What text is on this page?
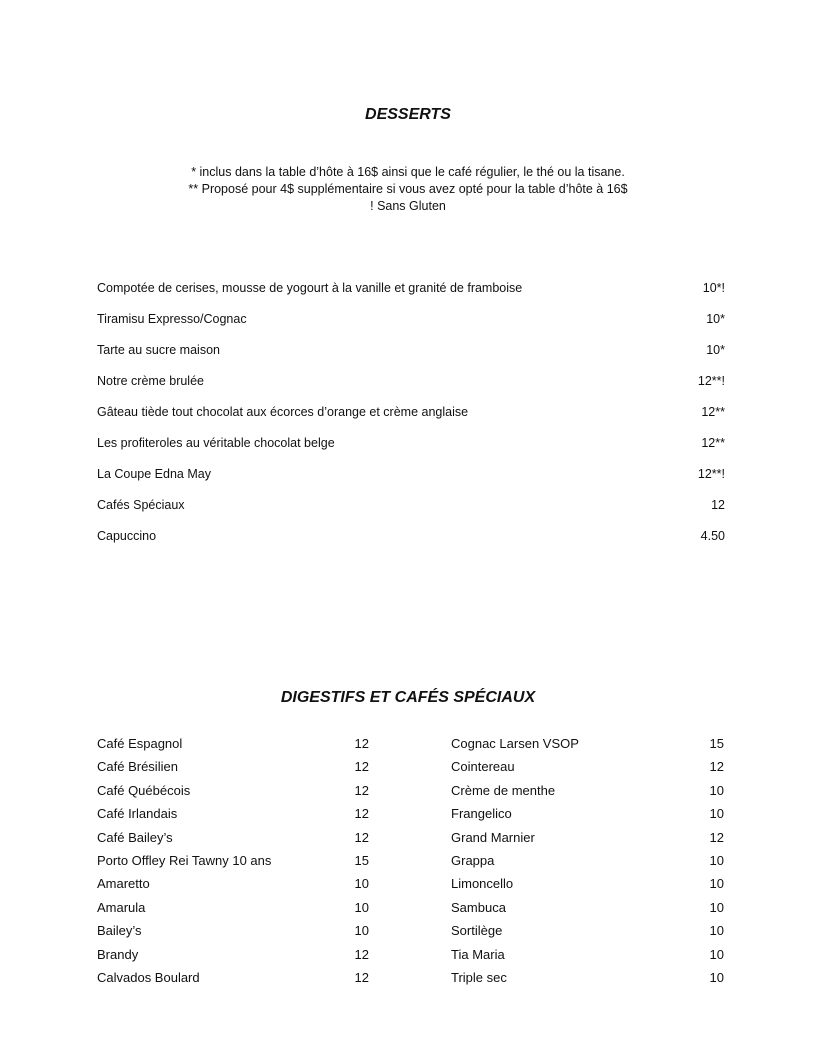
DESSERTS
* inclus dans la table d’hôte à 16$ ainsi que le café régulier, le thé ou la tisane.
** Proposé pour 4$ supplémentaire si vous avez opté pour la table d’hôte à 16$
! Sans Gluten
Compotée de cerises, mousse de yogourt à la vanille et granité de framboise	10*!
Tiramisu Expresso/Cognac	10*
Tarte au sucre maison	10*
Notre crème brulée	12**!
Gâteau tiède tout chocolat aux écorces d’orange et crème anglaise	12**
Les profiteroles au véritable chocolat belge	12**
La Coupe Edna May	12**!
Cafés Spéciaux	12
Capuccino	4.50
DIGESTIFS ET CAFÉS SPÉCIAUX
Café Espagnol	12
Café Brésilien	12
Café Québécois	12
Café Irlandais	12
Café Bailey’s	12
Porto Offley Rei Tawny 10 ans	15
Amaretto	10
Amarula	10
Bailey’s	10
Brandy	12
Calvados Boulard	12
Cognac Larsen VSOP	15
Cointereau	12
Crème de menthe	10
Frangelico	10
Grand Marnier	12
Grappa	10
Limoncello	10
Sambuca	10
Sortilège	10
Tia Maria	10
Triple sec	10
